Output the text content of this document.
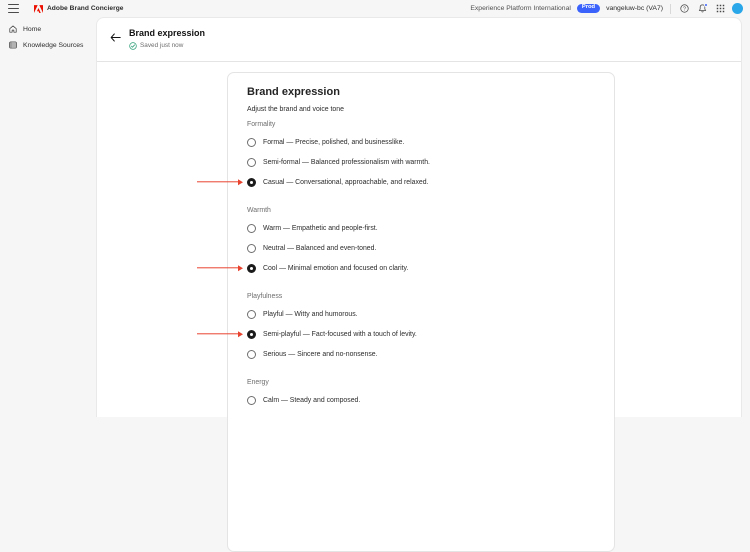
Adobe Brand Concierge	Experience Platform International	Prod	vangeluw-bc (VA7)	?
Home
Knowledge Sources
Brand expression
Saved just now
Brand expression
Adjust the brand and voice tone
Formality
Formal — Precise, polished, and businesslike.
Semi-formal — Balanced professionalism with warmth.
Casual — Conversational, approachable, and relaxed.
Warmth
Warm — Empathetic and people-first.
Neutral — Balanced and even-toned.
Cool — Minimal emotion and focused on clarity.
Playfulness
Playful — Witty and humorous.
Semi-playful — Fact-focused with a touch of levity.
Serious — Sincere and no-nonsense.
Energy
Calm — Steady and composed.
